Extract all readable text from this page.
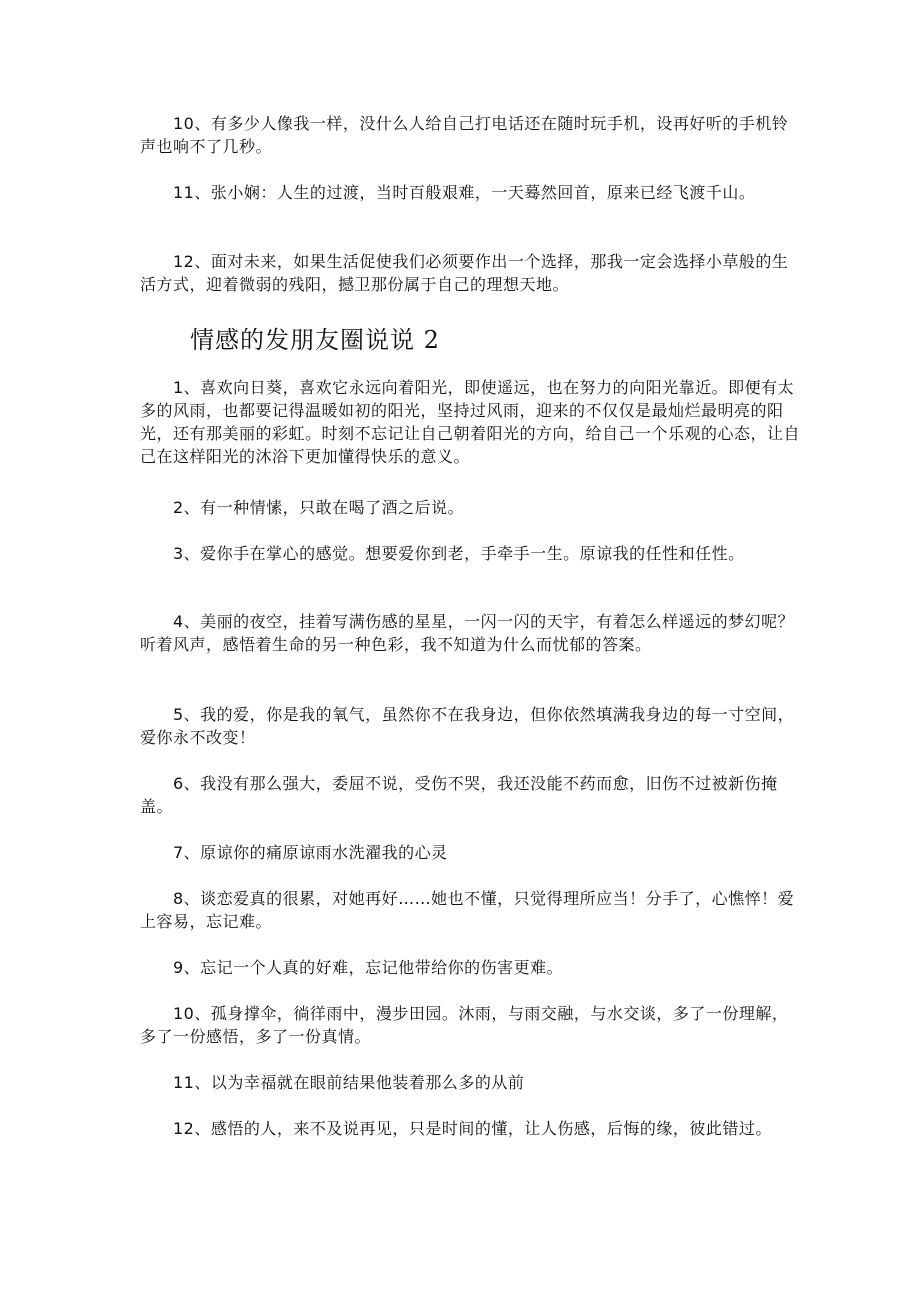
10、有多少人像我一样，没什么人给自己打电话还在随时玩手机，设再好听的手机铃声也响不了几秒。

11、张小娴：人生的过渡，当时百般艰难，一天蓦然回首，原来已经飞渡千山。

12、面对未来，如果生活促使我们必须要作出一个选择，那我一定会选择小草般的生活方式，迎着微弱的残阳，撼卫那份属于自己的理想天地。

情感的发朋友圈说说 2

1、喜欢向日葵，喜欢它永远向着阳光，即使遥远，也在努力的向阳光靠近。即便有太多的风雨，也都要记得温暖如初的阳光，坚持过风雨，迎来的不仅仅是最灿烂最明亮的阳光，还有那美丽的彩虹。时刻不忘记让自己朝着阳光的方向，给自己一个乐观的心态，让自己在这样阳光的沐浴下更加懂得快乐的意义。

2、有一种情愫，只敢在喝了酒之后说。

3、爱你手在掌心的感觉。想要爱你到老，手牵手一生。原谅我的任性和任性。

4、美丽的夜空，挂着写满伤感的星星，一闪一闪的天宇，有着怎么样遥远的梦幻呢？听着风声，感悟着生命的另一种色彩，我不知道为什么而忧郁的答案。

5、我的爱，你是我的氧气，虽然你不在我身边，但你依然填满我身边的每一寸空间，爱你永不改变！

6、我没有那么强大，委屈不说，受伤不哭，我还没能不药而愈，旧伤不过被新伤掩盖。

7、原谅你的痛原谅雨水洗濯我的心灵

8、谈恋爱真的很累，对她再好……她也不懂，只觉得理所应当！分手了，心憔悴！爱上容易，忘记难。

9、忘记一个人真的好难，忘记他带给你的伤害更难。

10、孤身撑伞，徜徉雨中，漫步田园。沐雨，与雨交融，与水交谈，多了一份理解，多了一份感悟，多了一份真情。

11、以为幸福就在眼前结果他装着那么多的从前

12、感悟的人，来不及说再见，只是时间的懂，让人伤感，后悔的缘，彼此错过。
